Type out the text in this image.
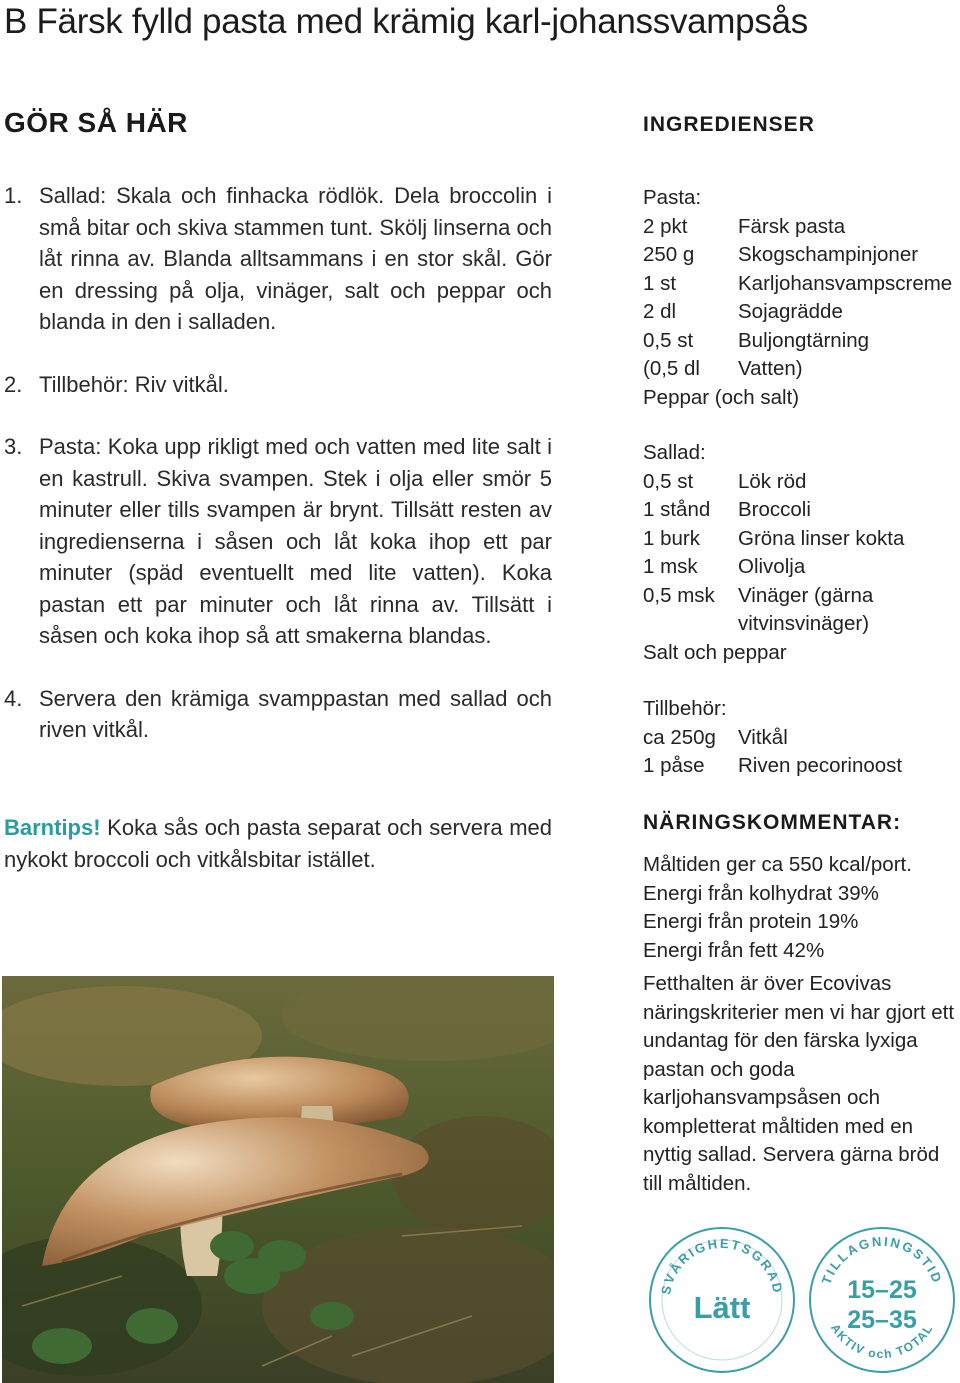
B Färsk fylld pasta med krämig karl-johanssvampsås
GÖR SÅ HÄR
1. Sallad: Skala och finhacka rödlök. Dela broccolin i små bitar och skiva stammen tunt. Skölj linserna och låt rinna av. Blanda alltsammans i en stor skål. Gör en dressing på olja, vinäger, salt och peppar och blanda in den i salladen.
2. Tillbehör: Riv vitkål.
3. Pasta: Koka upp rikligt med och vatten med lite salt i en kastrull. Skiva svampen. Stek i olja eller smör 5 minuter eller tills svampen är brynt. Tillsätt resten av ingredienserna i såsen och låt koka ihop ett par minuter (späd eventuellt med lite vatten). Koka pastan ett par minuter och låt rinna av. Tillsätt i såsen och koka ihop så att smakerna blandas.
4. Servera den krämiga svamppastan med sallad och riven vitkål.

Barntips! Koka sås och pasta separat och servera med nykokt broccoli och vitkålsbitar istället.

INGREDIENSER

Pasta:

2 pkt	Färsk pasta
250 g	Skogschampinjoner
1 st	Karljohansvampscreme
2 dl	Sojagrädde
0,5 st	Buljongtärning
(0,5 dl	Vatten)

Peppar (och salt)

Sallad:

0,5 st	Lök röd
1 stånd	Broccoli
1 burk	Gröna linser kokta
1 msk	Olivolja
0,5 msk	Vinäger (gärna vitvinsvinäger)

Salt och peppar

Tillbehör:

ca 250g	Vitkål
1 påse	Riven pecorinoost
NÄRINGSKOMMENTAR:

Måltiden ger ca 550 kcal/port.

Energi från kolhydrat 39%

Energi från protein 19%

Energi från fett 42%

Fetthalten är över Ecovivas näringskriterier men vi har gjort ett undantag för den färska lyxiga pastan och goda karljohansvampsåsen och kompletterat måltiden med en nyttig sallad. Servera gärna bröd till måltiden.

SVÅRIGHETSGRAD
Lätt
TILLAGNINGSTID
15–25
25–35
AKTIV och TOTAL
